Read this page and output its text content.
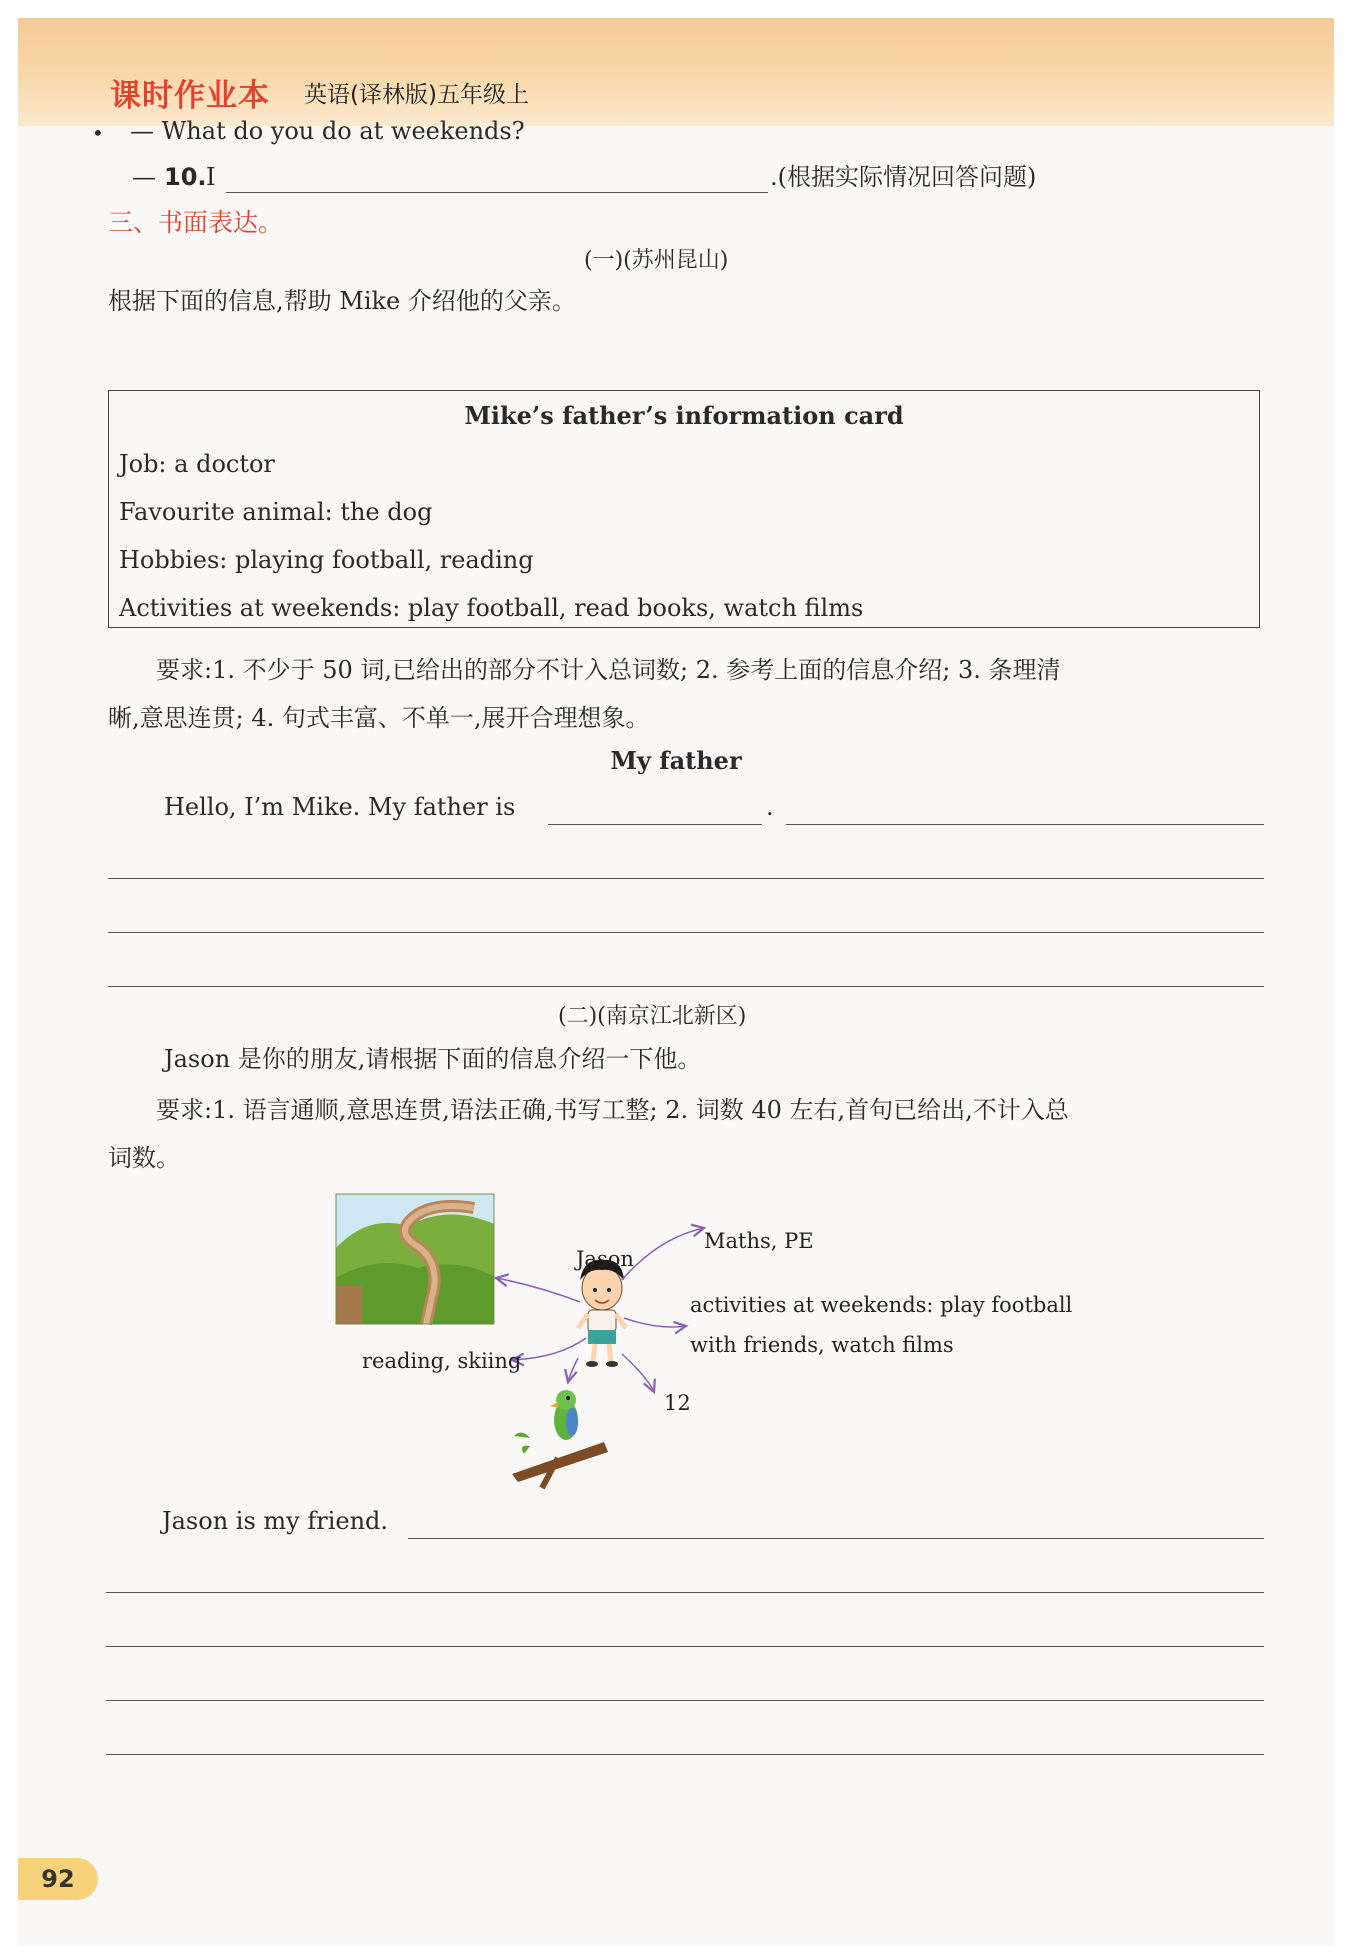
课时作业本 英语(译林版)五年级上
• — What do you do at weekends?
— 10. I	.(根据实际情况回答问题)
三、书面表达。
(一)(苏州昆山)
根据下面的信息,帮助 Mike 介绍他的父亲。
Mike’s father’s information card
Job: a doctor
Favourite animal: the dog
Hobbies: playing football, reading
Activities at weekends: play football, read books, watch films
要求:1. 不少于 50 词,已给出的部分不计入总词数; 2. 参考上面的信息介绍; 3. 条理清
晰,意思连贯; 4. 句式丰富、不单一,展开合理想象。
My father
Hello, I’m Mike. My father is	.
(二)(南京江北新区)
Jason 是你的朋友,请根据下面的信息介绍一下他。
要求:1. 语言通顺,意思连贯,语法正确,书写工整; 2. 词数 40 左右,首句已给出,不计入总
词数。
Jason
Maths, PE
activities at weekends: play football
with friends, watch films
reading, skiing
12
Jason is my friend.
92
